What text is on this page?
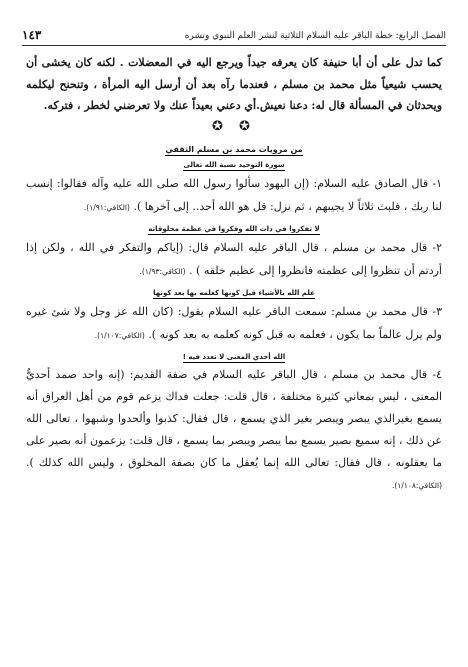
الفصل الرابع: خطة الباقر عليه السلام الثلاثية لنشر العلم النبوي ونشره
١٤٣

كما تدل على أن أبا حنيفة كان يعرفه جيداً ويرجع اليه في المعضلات . لكنه كان يخشى أن يحسب شيعياً مثل محمد بن مسلم ، فعندما رآه بعد أن أرسل اليه المرأة ، وتنحنح ليكلمه ويحدثان في المسألة قال له: دعنا نعيش.أي دعني بعيداً عنك ولا تعرضني لخطر ، فتركه.

✪ ✪
من مرويات محمد بن مسلم الثقفي
سورة التوحيد نسبة الله تعالى

١- قال الصادق عليه السلام: (إن اليهود سألوا رسول الله صلى الله عليه وآله فقالوا: إنسب لنا ربك ، فلبث ثلاثاً لا يجيبهم ، ثم نزل: قل هو الله أحد.. إلى آخرها ). (الكافي:١/٩١).

لا تفكروا في ذات الله وفكروا في عظمة مخلوقاته

٢- قال محمد بن مسلم ، قال الباقر عليه السلام قال: (إياكم والتفكر في الله ، ولكن إذا أردتم أن تنظروا إلى عظمته فانظروا إلى عظيم خلقه ) . (الكافي:١/٩٣).

علم الله بالأشياء قبل كونها كعلمه بها بعد كونها

٣- قال محمد بن مسلم: سمعت الباقر عليه السلام يقول: (كان الله عز وجل ولا شئ غيره ولم يزل عالماً بما يكون ، فعلمه به قبل كونه كعلمه به بعد كونه ). (الكافي:١/١٠٧).

الله أحدي المعنى لا تعدد فيه !

٤- قال محمد بن مسلم ، قال الباقر عليه السلام في صفة القديم: (إنه واحد صمد أحديُّ المعنى ، ليس بمعاني كثيرة مختلفة ، قال قلت: جعلت فداك يزعم قوم من أهل العراق أنه يسمع بغيرالذي يبصر ويبصر بغير الذي يسمع ، قال فقال: كذبوا وألحدوا وشبهوا ، تعالى الله عن ذلك ، إنه سميع بصير يسمع بما يبصر ويبصر بما يسمع ، قال قلت: يزعمون أنه بصير على ما يعقلونه ، قال فقال: تعالى الله إنما يُعقل ما كان بصفة المخلوق ، وليس الله كذلك ). (الكافي:١/١٠٨).
